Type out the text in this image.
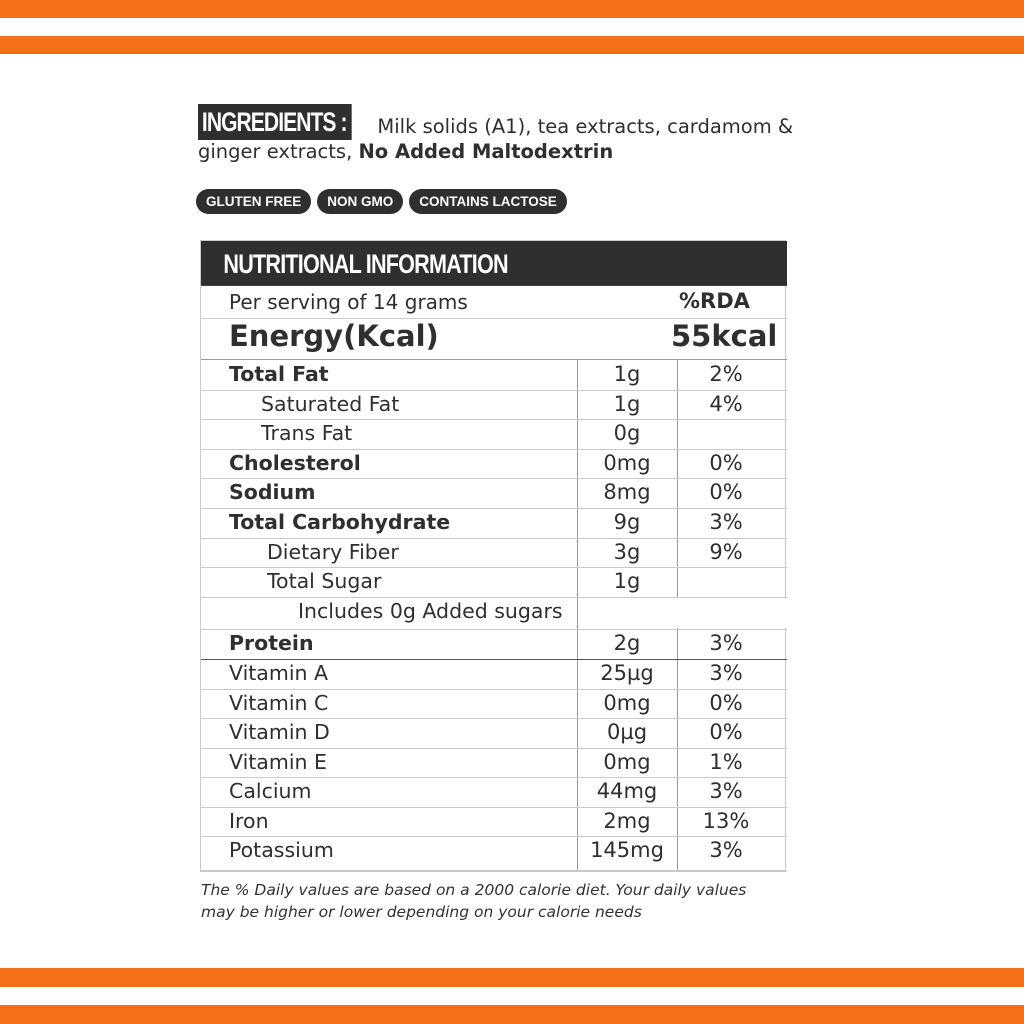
INGREDIENTS : Milk solids (A1), tea extracts, cardamom &
ginger extracts, No Added Maltodextrin
GLUTEN FREE	NON GMO	CONTAINS LACTOSE
NUTRITIONAL INFORMATION
Per serving of 14 grams	%RDA
Energy(Kcal)	55kcal
Total Fat	1g	2%
Saturated Fat	1g	4%
Trans Fat	0g
Cholesterol	0mg	0%
Sodium	8mg	0%
Total Carbohydrate	9g	3%
Dietary Fiber	3g	9%
Total Sugar	1g
Includes 0g Added sugars
Protein	2g	3%
Vitamin A	25µg	3%
Vitamin C	0mg	0%
Vitamin D	0µg	0%
Vitamin E	0mg	1%
Calcium	44mg	3%
Iron	2mg	13%
Potassium	145mg	3%
The % Daily values are based on a 2000 calorie diet. Your daily values
may be higher or lower depending on your calorie needs
